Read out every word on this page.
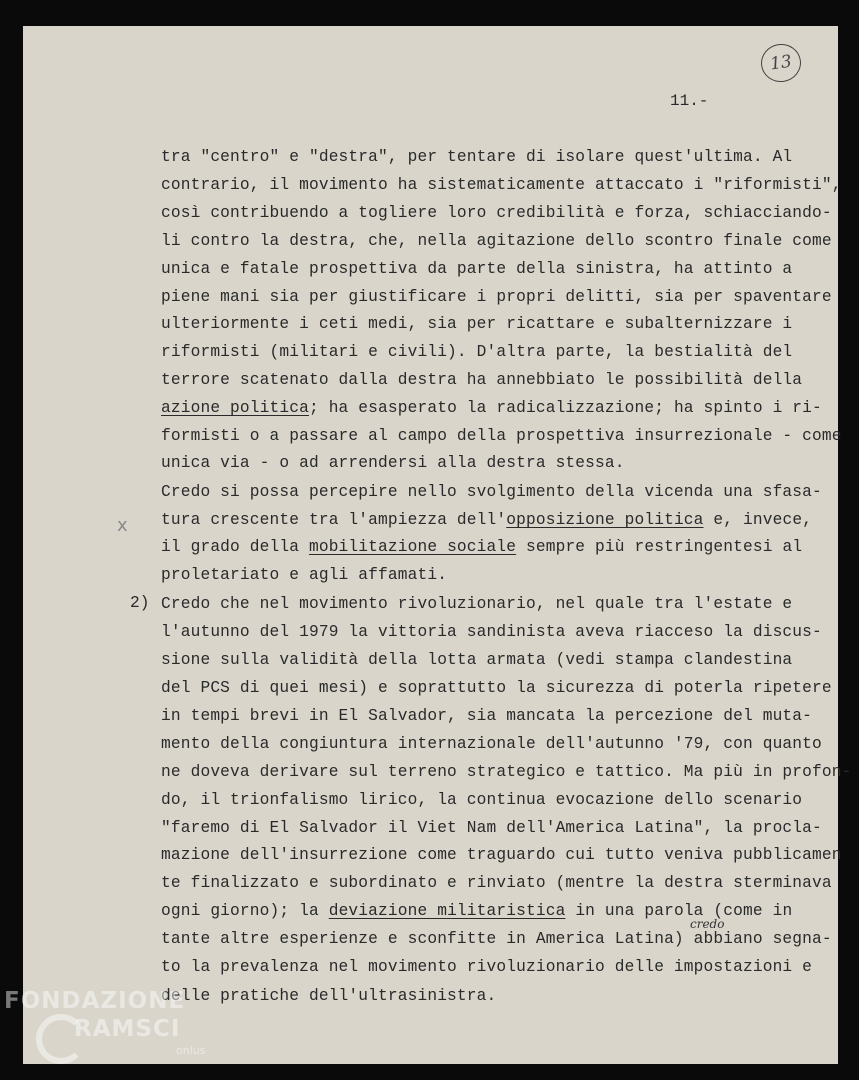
13
11.-
tra "centro" e "destra", per tentare di isolare quest'ultima. Al
contrario, il movimento ha sistematicamente attaccato i "riformisti",
così contribuendo a togliere loro credibilità e forza, schiacciando-
li contro la destra, che, nella agitazione dello scontro finale come
unica e fatale prospettiva da parte della sinistra, ha attinto a
piene mani sia per giustificare i propri delitti, sia per spaventare
ulteriormente i ceti medi, sia per ricattare e subalternizzare i
riformisti (militari e civili). D'altra parte, la bestialità del
terrore scatenato dalla destra ha annebbiato le possibilità della
azione politica; ha esasperato la radicalizzazione; ha spinto i ri-
formisti o a passare al campo della prospettiva insurrezionale - come
unica via - o ad arrendersi alla destra stessa.
Credo si possa percepire nello svolgimento della vicenda una sfasa-
tura crescente tra l'ampiezza dell'opposizione politica e, invece,
il grado della mobilitazione sociale sempre più restringentesi al
proletariato e agli affamati.
Credo che nel movimento rivoluzionario, nel quale tra l'estate e
l'autunno del 1979 la vittoria sandinista aveva riacceso la discus-
sione sulla validità della lotta armata (vedi stampa clandestina
del PCS di quei mesi) e soprattutto la sicurezza di poterla ripetere
in tempi brevi in El Salvador, sia mancata la percezione del muta-
mento della congiuntura internazionale dell'autunno '79, con quanto
ne doveva derivare sul terreno strategico e tattico. Ma più in profon-
do, il trionfalismo lirico, la continua evocazione dello scenario
"faremo di El Salvador il Viet Nam dell'America Latina", la procla-
mazione dell'insurrezione come traguardo cui tutto veniva pubblicamen
te finalizzato e subordinato e rinviato (mentre la destra sterminava
ogni giorno); la deviazione militaristica in una parola (come in
tante altre esperienze e sconfitte in America Latina) abbiano segna-
to la prevalenza nel movimento rivoluzionario delle impostazioni e
delle pratiche dell'ultrasinistra.
2)
x
credo
FONDAZIONE
RAMSCI
onlus
